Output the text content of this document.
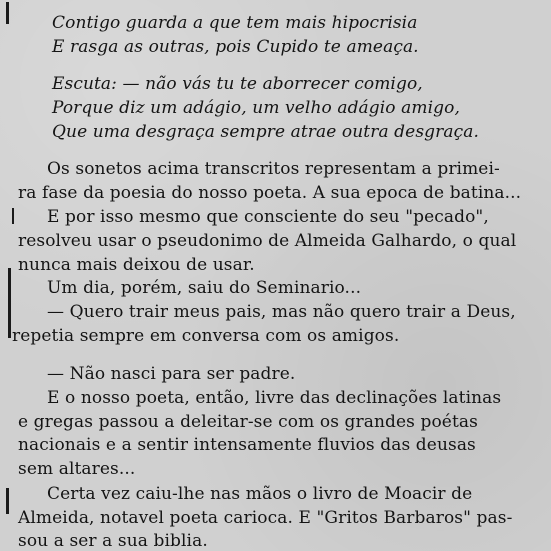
Contigo guarda a que tem mais hipocrisia
E rasga as outras, pois Cupido te ameaça.
Escuta: — não vás tu te aborrecer comigo,
Porque diz um adágio, um velho adágio amigo,
Que uma desgraça sempre atrae outra desgraça.
Os sonetos acima transcritos representam a primei-
ra fase da poesia do nosso poeta. A sua epoca de batina...
E por isso mesmo que consciente do seu "pecado",
resolveu usar o pseudonimo de Almeida Galhardo, o qual
nunca mais deixou de usar.
Um dia, porém, saiu do Seminario...
— Quero trair meus pais, mas não quero trair a Deus,
repetia sempre em conversa com os amigos.
— Não nasci para ser padre.
E o nosso poeta, então, livre das declinações latinas
e gregas passou a deleitar-se com os grandes poétas
nacionais e a sentir intensamente fluvios das deusas
sem altares...
Certa vez caiu-lhe nas mãos o livro de Moacir de
Almeida, notavel poeta carioca. E "Gritos Barbaros" pas-
sou a ser a sua biblia.
